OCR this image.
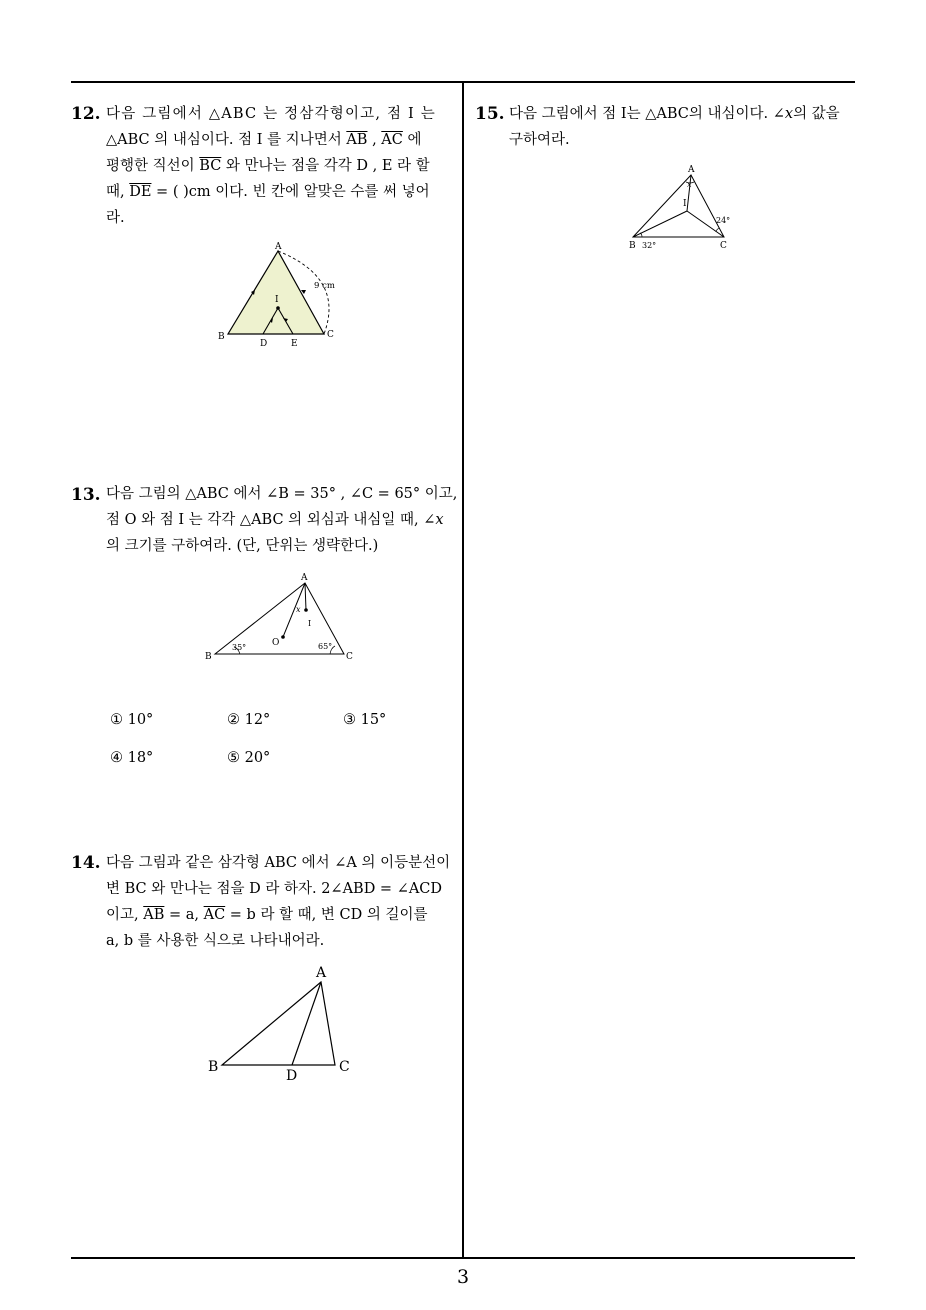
12. 다음 그림에서 △ABC 는 정삼각형이고, 점 I 는
△ABC 의 내심이다. 점 I 를 지나면서 $\overline{AB}$ , $\overline{AC}$ 에
평행한 직선이 $\overline{BC}$ 와 만나는 점을 각각 D , E 라 할
때, $\overline{DE}$ = ( )cm 이다. 빈 칸에 알맞은 수를 써 넣어
라.
A
B	C
D	E
I
9 cm
13. 다음 그림의 △ABC 에서 ∠B = 35° , ∠C = 65° 이고,
점 O 와 점 I 는 각각 △ABC 의 외심과 내심일 때, ∠x
의 크기를 구하여라. (단, 단위는 생략한다.)
A
B	C
O
I
x
35°	65°
① 10°	② 12°	③ 15°
④ 18°	⑤ 20°
14. 다음 그림과 같은 삼각형 ABC 에서 ∠A 의 이등분선이
변 BC 와 만나는 점을 D 라 하자. 2∠ABD = ∠ACD
이고, $\overline{AB} = a$, $\overline{AC} = b$ 라 할 때, 변 CD 의 길이를
a, b 를 사용한 식으로 나타내어라.
A
B	C
D
15. 다음 그림에서 점 I는 △ABC의 내심이다. ∠x의 값을
구하여라.
A
B	C
I
x
32°
24°
3
